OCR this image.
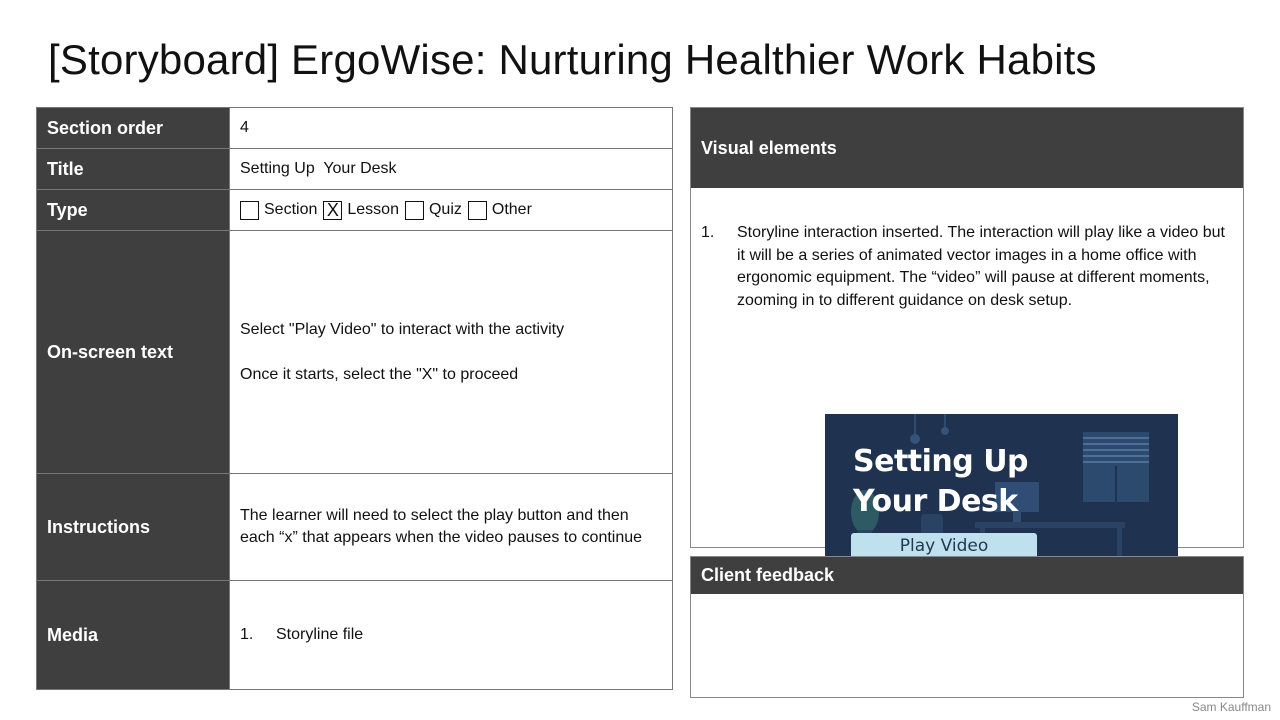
[Storyboard] ErgoWise: Nurturing Healthier Work Habits
Section order	4
Title	Setting Up  Your Desk
Type	Section X Lesson Quiz Other

On-screen text	Select "Play Video" to interact with the activity
Once it starts, select the "X" to proceed

Instructions	The learner will need to select the play button and then each “x” that appears when the video pauses to continue
Media	1. Storyline file
Visual elements
1.	Storyline interaction inserted. The interaction will play like a video but it will be a series of animated vector images in a home office with ergonomic equipment. The “video” will pause at different moments, zooming in to different guidance on desk setup.
Setting Up
Your Desk
Play Video
Client feedback
Sam Kauffman
